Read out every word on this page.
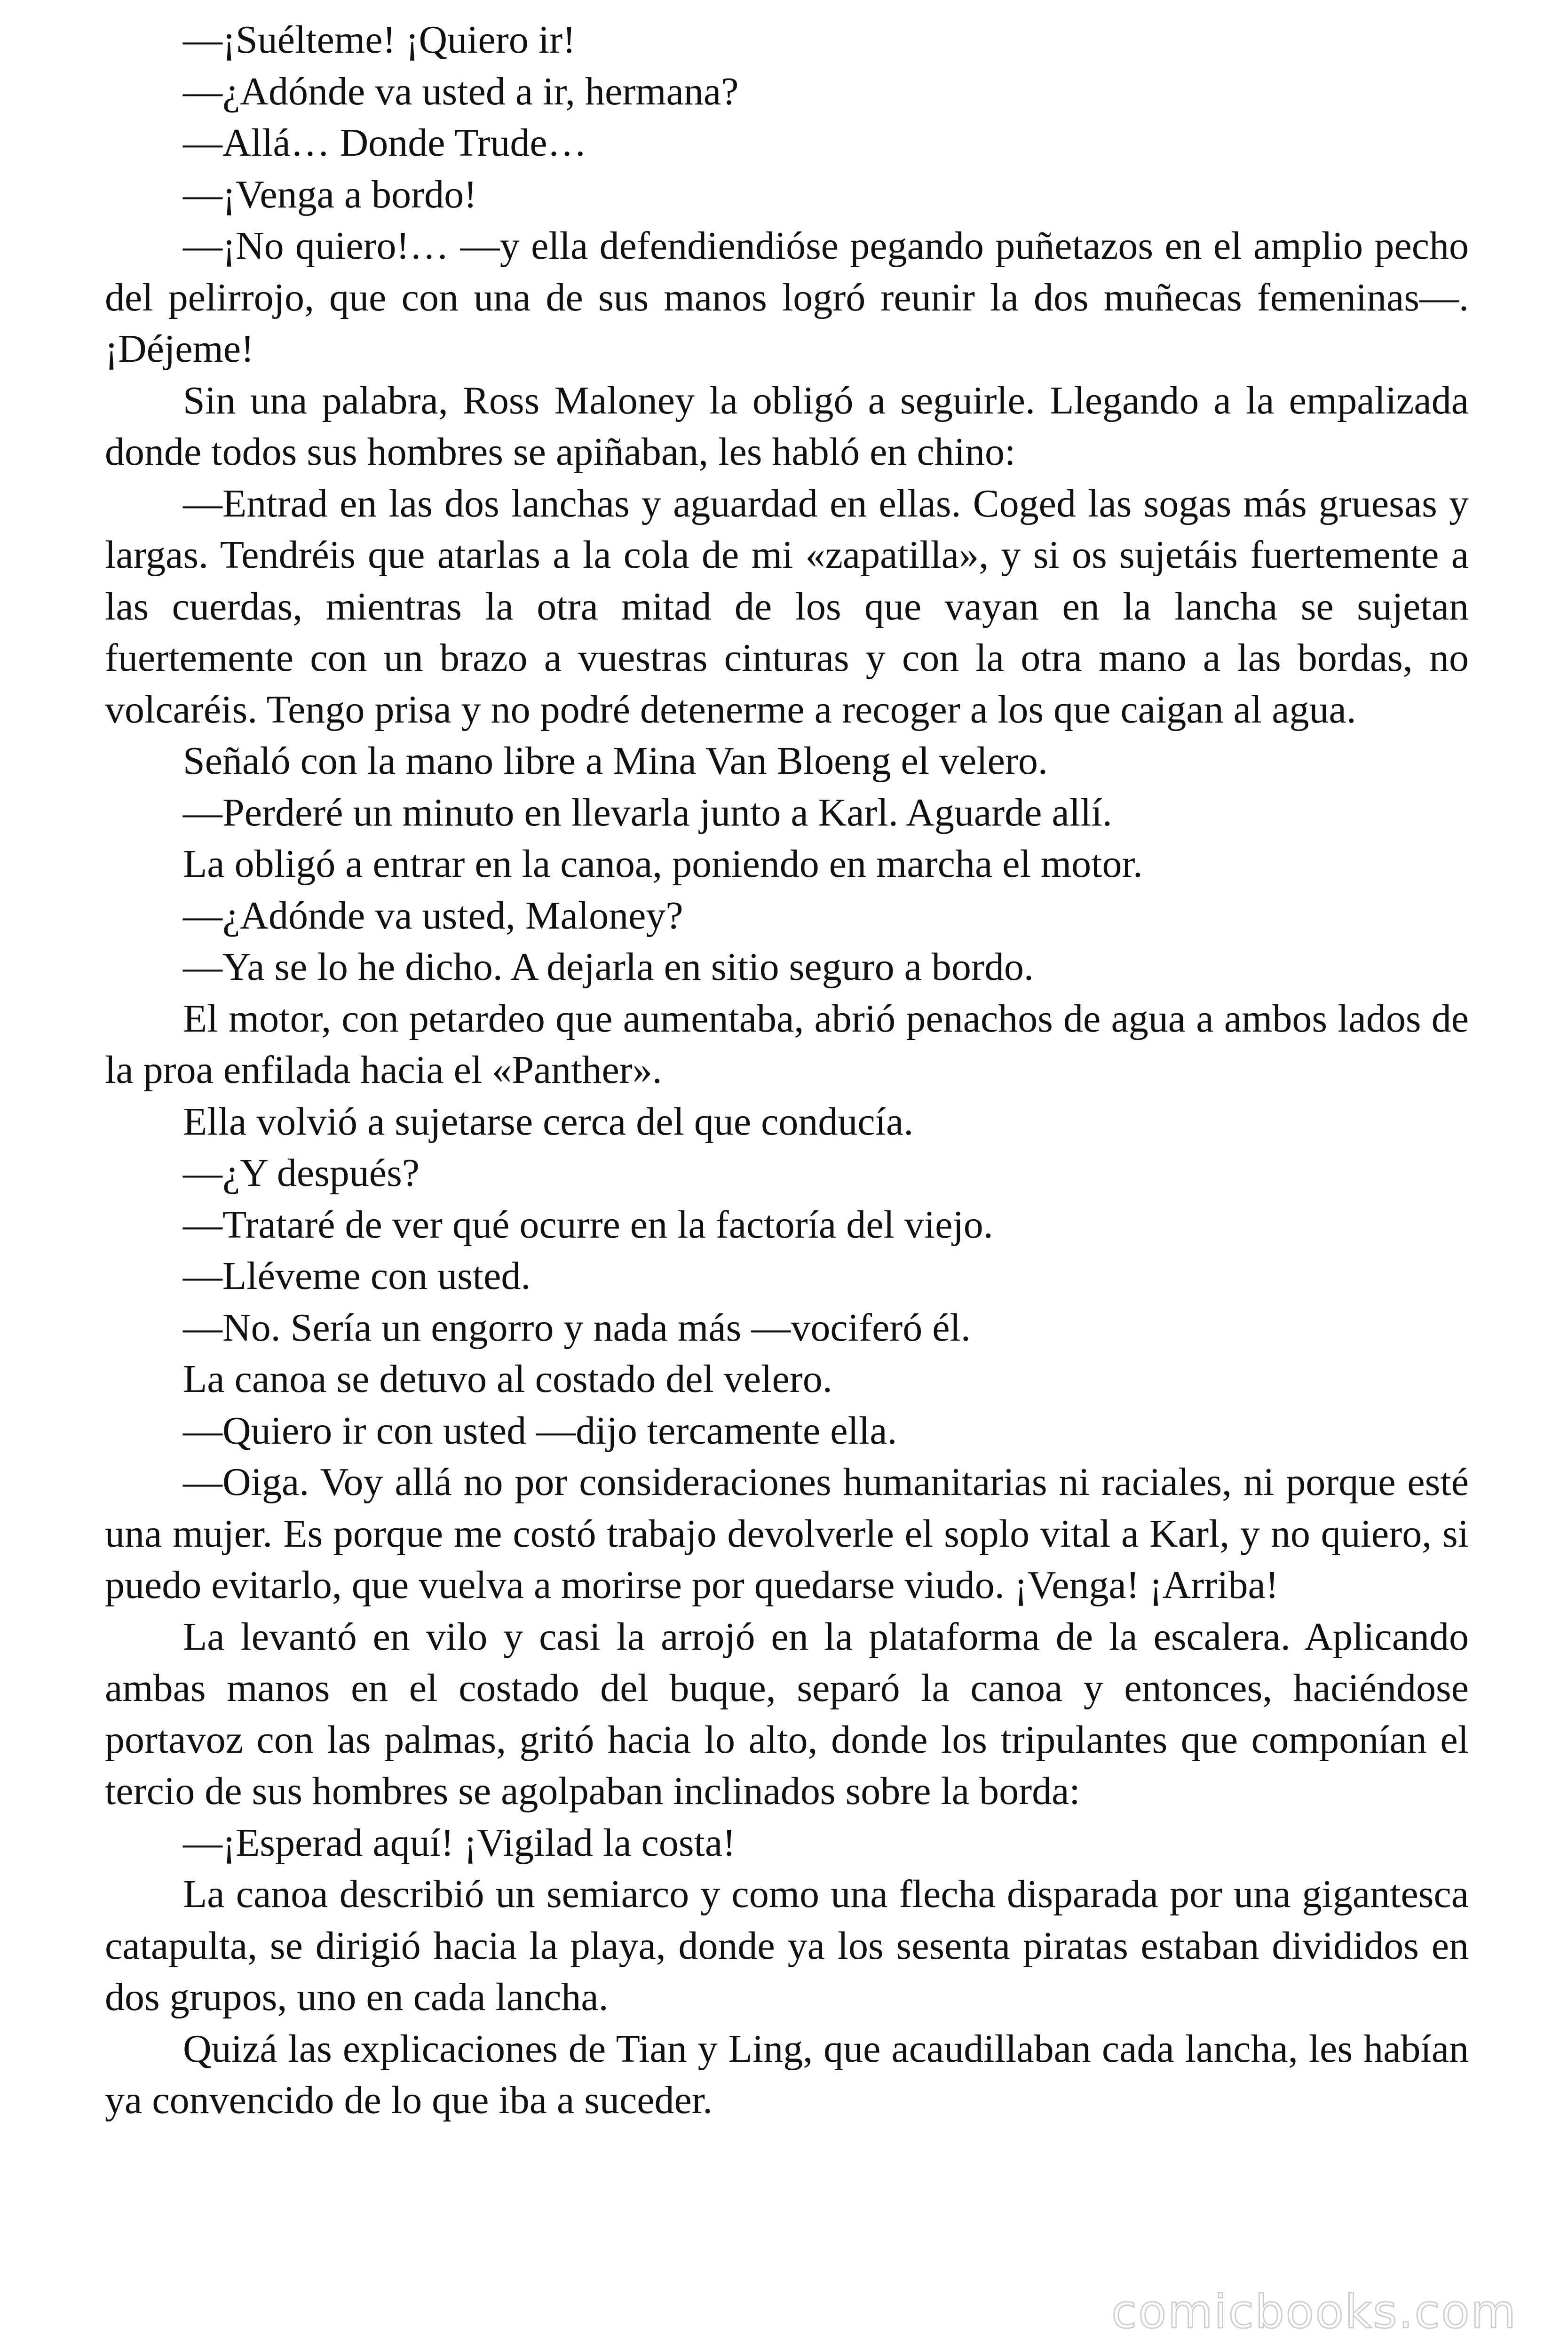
—¡Suélteme! ¡Quiero ir!

—¿Adónde va usted a ir, hermana?

—Allá… Donde Trude…

—¡Venga a bordo!

—¡No quiero!… —y ella defendiendióse pegando puñetazos en el amplio pecho del pelirrojo, que con una de sus manos logró reunir la dos muñecas femeninas—. ¡Déjeme!

Sin una palabra, Ross Maloney la obligó a seguirle. Llegando a la empalizada donde todos sus hombres se apiñaban, les habló en chino:

—Entrad en las dos lanchas y aguardad en ellas. Coged las sogas más gruesas y largas. Tendréis que atarlas a la cola de mi «zapatilla», y si os sujetáis fuertemente a las cuerdas, mientras la otra mitad de los que vayan en la lancha se sujetan fuertemente con un brazo a vuestras cinturas y con la otra mano a las bordas, no volcaréis. Tengo prisa y no podré detenerme a recoger a los que caigan al agua.

Señaló con la mano libre a Mina Van Bloeng el velero.

—Perderé un minuto en llevarla junto a Karl. Aguarde allí.

La obligó a entrar en la canoa, poniendo en marcha el motor.

—¿Adónde va usted, Maloney?

—Ya se lo he dicho. A dejarla en sitio seguro a bordo.

El motor, con petardeo que aumentaba, abrió penachos de agua a ambos lados de la proa enfilada hacia el «Panther».

Ella volvió a sujetarse cerca del que conducía.

—¿Y después?

—Trataré de ver qué ocurre en la factoría del viejo.

—Lléveme con usted.

—No. Sería un engorro y nada más —vociferó él.

La canoa se detuvo al costado del velero.

—Quiero ir con usted —dijo tercamente ella.

—Oiga. Voy allá no por consideraciones humanitarias ni raciales, ni porque esté una mujer. Es porque me costó trabajo devolverle el soplo vital a Karl, y no quiero, si puedo evitarlo, que vuelva a morirse por quedarse viudo. ¡Venga! ¡Arriba!

La levantó en vilo y casi la arrojó en la plataforma de la escalera. Aplicando ambas manos en el costado del buque, separó la canoa y entonces, haciéndose portavoz con las palmas, gritó hacia lo alto, donde los tripulantes que componían el tercio de sus hombres se agolpaban inclinados sobre la borda:

—¡Esperad aquí! ¡Vigilad la costa!

La canoa describió un semiarco y como una flecha disparada por una gigantesca catapulta, se dirigió hacia la playa, donde ya los sesenta piratas estaban divididos en dos grupos, uno en cada lancha.

Quizá las explicaciones de Tian y Ling, que acaudillaban cada lancha, les habían ya convencido de lo que iba a suceder.

comicbooks.com
